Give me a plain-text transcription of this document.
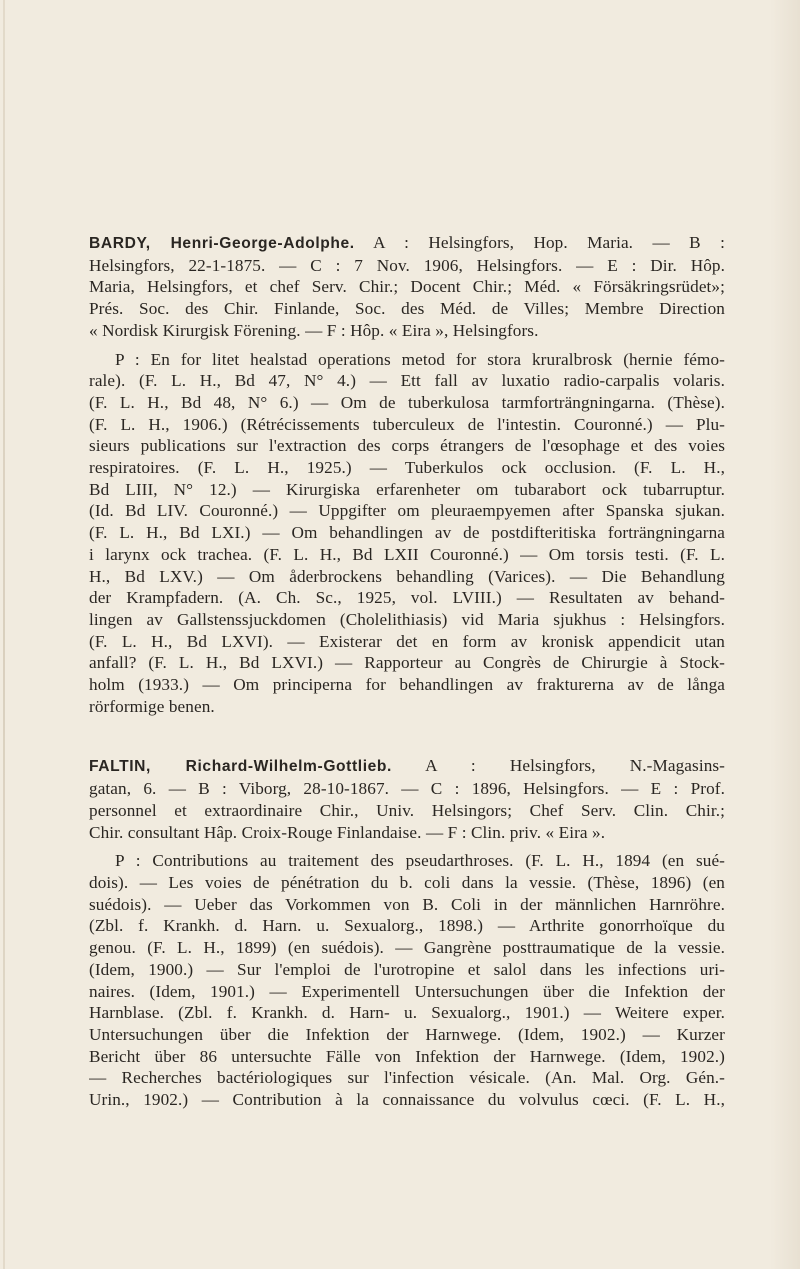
BARDY, Henri-George-Adolphe. A : Helsingfors, Hop. Maria. — B :
Helsingfors, 22-1-1875. — C : 7 Nov. 1906, Helsingfors. — E : Dir. Hôp.
Maria, Helsingfors, et chef Serv. Chir.; Docent Chir.; Méd. « Försäkringsrüdet»;
Prés. Soc. des Chir. Finlande, Soc. des Méd. de Villes; Membre Direction
« Nordisk Kirurgisk Förening. — F : Hôp. « Eira », Helsingfors.
P : En for litet healstad operations metod for stora kruralbrosk (hernie fémo-
rale). (F. L. H., Bd 47, N° 4.) — Ett fall av luxatio radio-carpalis volaris.
(F. L. H., Bd 48, N° 6.) — Om de tuberkulosa tarmforträngningarna. (Thèse).
(F. L. H., 1906.) (Rétrécissements tuberculeux de l'intestin. Couronné.) — Plu-
sieurs publications sur l'extraction des corps étrangers de l'œsophage et des voies
respiratoires. (F. L. H., 1925.) — Tuberkulos ock occlusion. (F. L. H.,
Bd LIII, N° 12.) — Kirurgiska erfarenheter om tubarabort ock tubarruptur.
(Id. Bd LIV. Couronné.) — Uppgifter om pleuraempyemen after Spanska sjukan.
(F. L. H., Bd LXI.) — Om behandlingen av de postdifteritiska forträngningarna
i larynx ock trachea. (F. L. H., Bd LXII Couronné.) — Om torsis testi. (F. L.
H., Bd LXV.) — Om åderbrockens behandling (Varices). — Die Behandlung
der Krampfadern. (A. Ch. Sc., 1925, vol. LVIII.) — Resultaten av behand-
lingen av Gallstenssjuckdomen (Cholelithiasis) vid Maria sjukhus : Helsingfors.
(F. L. H., Bd LXVI). — Existerar det en form av kronisk appendicit utan
anfall? (F. L. H., Bd LXVI.) — Rapporteur au Congrès de Chirurgie à Stock-
holm (1933.) — Om principerna for behandlingen av frakturerna av de långa
rörformige benen.
FALTIN, Richard-Wilhelm-Gottlieb. A : Helsingfors, N.-Magasins-
gatan, 6. — B : Viborg, 28-10-1867. — C : 1896, Helsingfors. — E : Prof.
personnel et extraordinaire Chir., Univ. Helsingors; Chef Serv. Clin. Chir.;
Chir. consultant Hâp. Croix-Rouge Finlandaise. — F : Clin. priv. « Eira ».
P : Contributions au traitement des pseudarthroses. (F. L. H., 1894 (en sué-
dois). — Les voies de pénétration du b. coli dans la vessie. (Thèse, 1896) (en
suédois). — Ueber das Vorkommen von B. Coli in der männlichen Harnröhre.
(Zbl. f. Krankh. d. Harn. u. Sexualorg., 1898.) — Arthrite gonorrhoïque du
genou. (F. L. H., 1899) (en suédois). — Gangrène posttraumatique de la vessie.
(Idem, 1900.) — Sur l'emploi de l'urotropine et salol dans les infections uri-
naires. (Idem, 1901.) — Experimentell Untersuchungen über die Infektion der
Harnblase. (Zbl. f. Krankh. d. Harn- u. Sexualorg., 1901.) — Weitere exper.
Untersuchungen über die Infektion der Harnwege. (Idem, 1902.) — Kurzer
Bericht über 86 untersuchte Fälle von Infektion der Harnwege. (Idem, 1902.)
— Recherches bactériologiques sur l'infection vésicale. (An. Mal. Org. Gén.-
Urin., 1902.) — Contribution à la connaissance du volvulus cœci. (F. L. H.,
